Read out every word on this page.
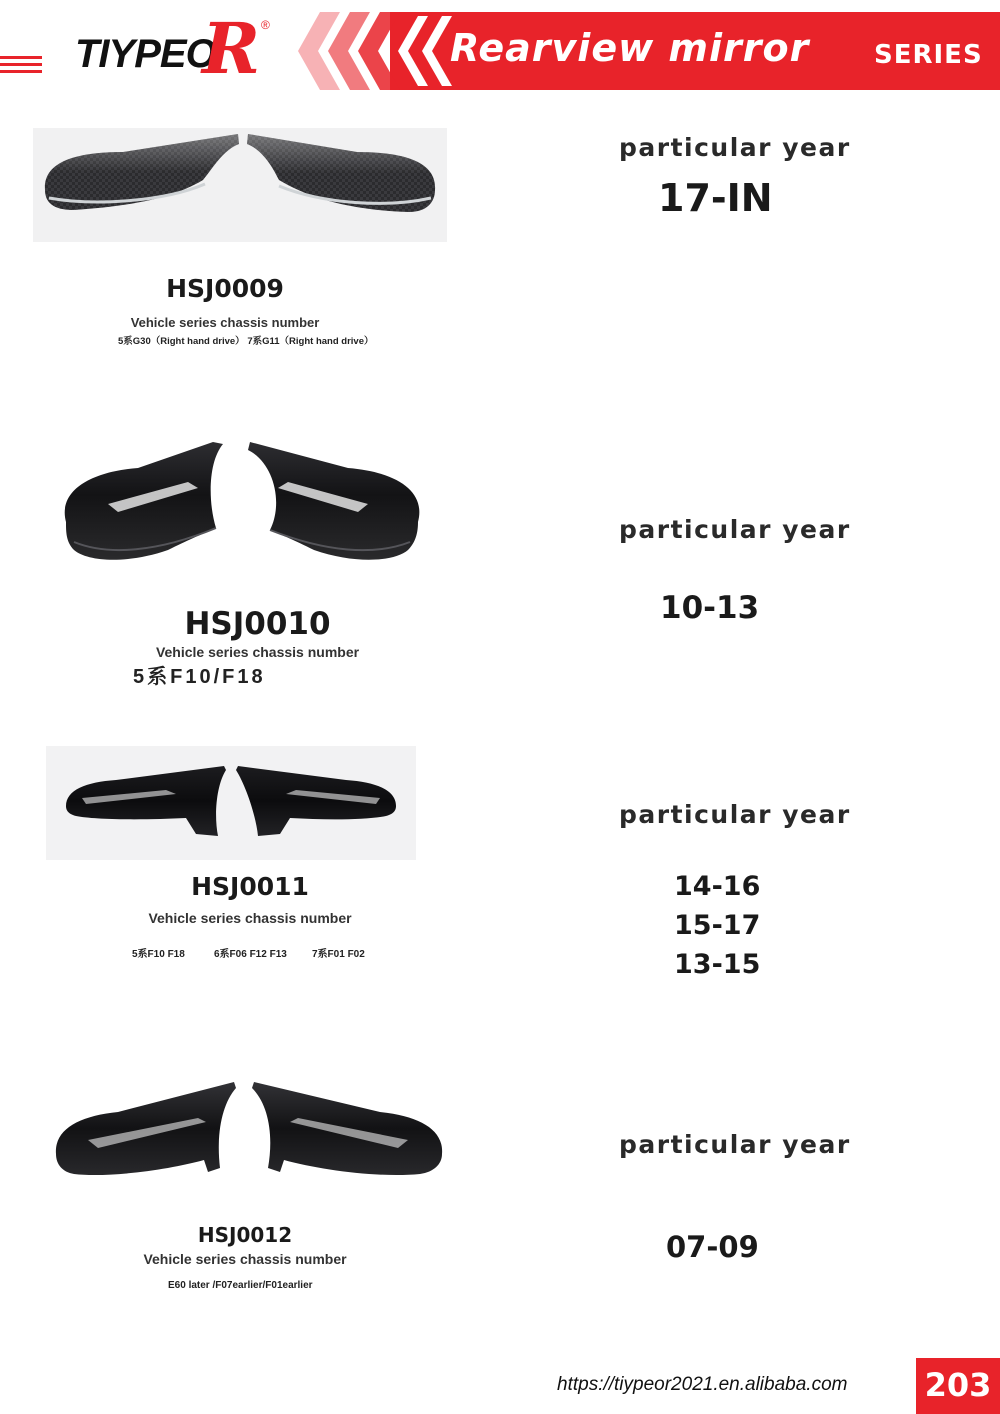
TIYPEO
R ®
Rearview mirror SERIES
HSJ0009
Vehicle series chassis number
5系G30（Right hand drive） 7系G11（Right hand drive）
particular year
17-IN
HSJ0010
Vehicle series chassis number
5系F10/F18
particular year
10-13
HSJ0011
Vehicle series chassis number
5系F10 F18	6系F06 F12 F13	7系F01 F02
particular year
14-16
15-17
13-15
HSJ0012
Vehicle series chassis number
E60 later /F07earlier/F01earlier
particular year
07-09
https://tiypeor2021.en.alibaba.com 203
